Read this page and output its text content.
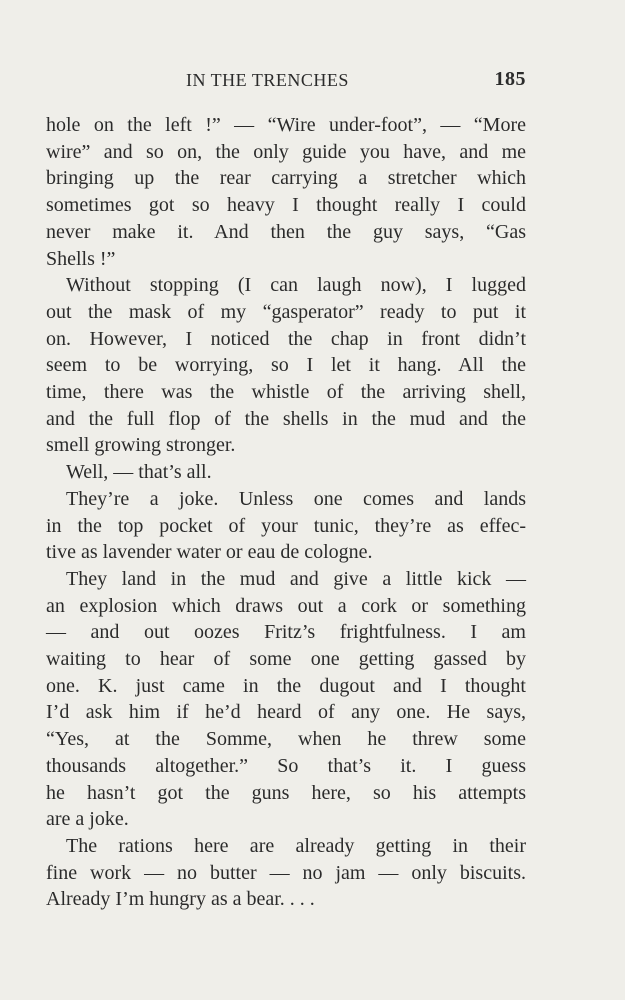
IN THE TRENCHES	185

hole on the left !” — “Wire under-foot”, — “More
wire” and so on, the only guide you have, and me
bringing up the rear carrying a stretcher which
sometimes got so heavy I thought really I could
never make it. And then the guy says, “Gas
Shells !”

Without stopping (I can laugh now), I lugged
out the mask of my “gasperator” ready to put it
on. However, I noticed the chap in front didn’t
seem to be worrying, so I let it hang. All the
time, there was the whistle of the arriving shell,
and the full flop of the shells in the mud and the
smell growing stronger.

Well, — that’s all.

They’re a joke. Unless one comes and lands
in the top pocket of your tunic, they’re as effec-
tive as lavender water or eau de cologne.

They land in the mud and give a little kick —
an explosion which draws out a cork or something
— and out oozes Fritz’s frightfulness. I am
waiting to hear of some one getting gassed by
one. K. just came in the dugout and I thought
I’d ask him if he’d heard of any one. He says,
“Yes, at the Somme, when he threw some
thousands altogether.” So that’s it. I guess
he hasn’t got the guns here, so his attempts
are a joke.

The rations here are already getting in their
fine work — no butter — no jam — only biscuits.
Already I’m hungry as a bear. . . .
